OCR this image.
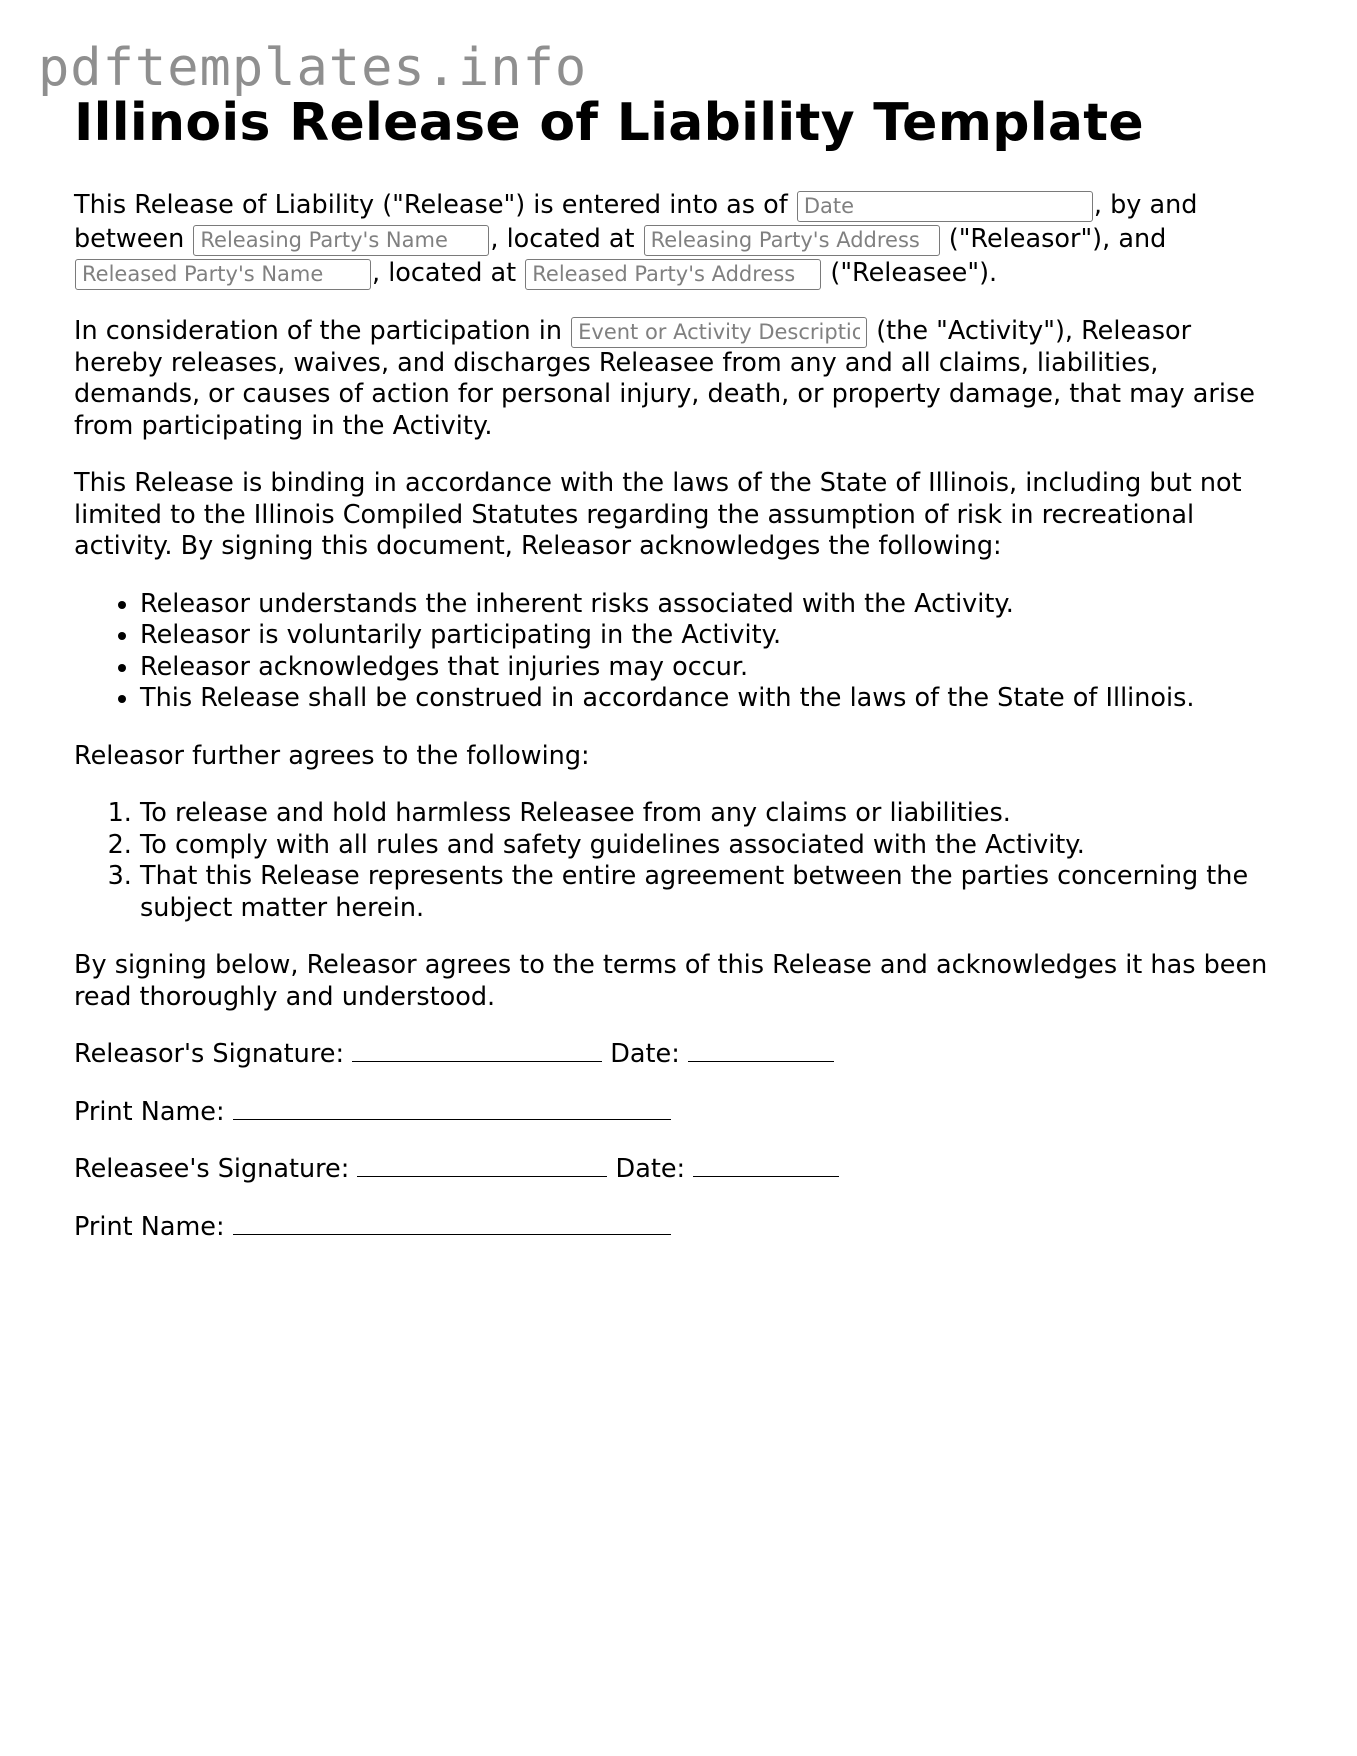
pdftemplates.info
Illinois Release of Liability Template

This Release of Liability ("Release") is entered into as of Date	, by and between Releasing Party's Name	, located at Releasing Party's Address	("Releasor"), and Released Party's Name, located at Released Party's Address	("Releasee").

In consideration of the participation in Event or Activity Description	(the "Activity"), Releasor hereby releases, waives, and discharges Releasee from any and all claims, liabilities, demands, or causes of action for personal injury, death, or property damage, that may arise from participating in the Activity.

This Release is binding in accordance with the laws of the State of Illinois, including but not limited to the Illinois Compiled Statutes regarding the assumption of risk in recreational activity. By signing this document, Releasor acknowledges the following:

• Releasor understands the inherent risks associated with the Activity.
• Releasor is voluntarily participating in the Activity.
• Releasor acknowledges that injuries may occur.
• This Release shall be construed in accordance with the laws of the State of Illinois.

Releasor further agrees to the following:

1. To release and hold harmless Releasee from any claims or liabilities.
2. To comply with all rules and safety guidelines associated with the Activity.
3. That this Release represents the entire agreement between the parties concerning the subject matter herein.

By signing below, Releasor agrees to the terms of this Release and acknowledges it has been read thoroughly and understood.

Releasor's Signature:	Date:

Print Name:

Releasee's Signature:	Date:

Print Name:
